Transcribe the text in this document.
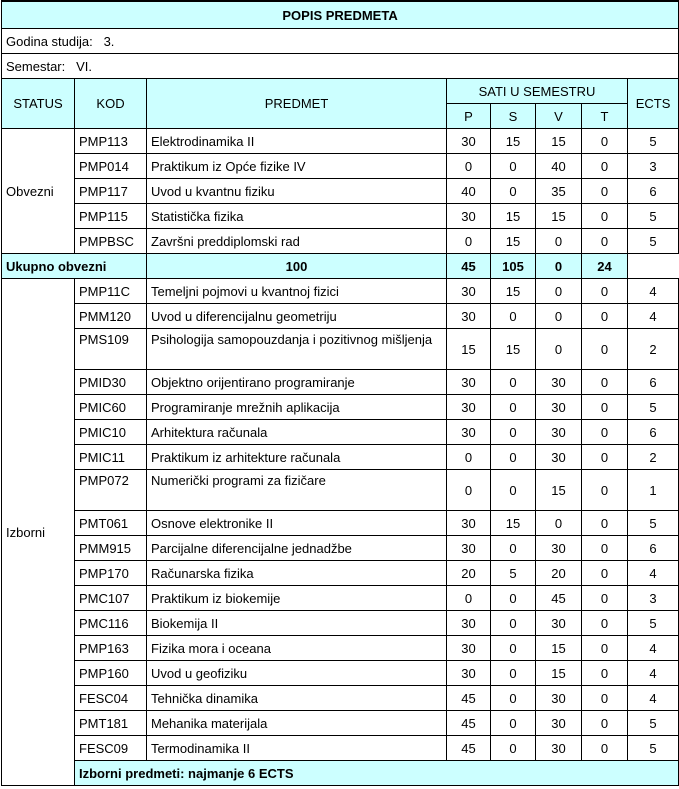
POPIS PREDMETA							
Godina studija: 3.							
Semestar: VI.							
STATUS	KOD	PREDMET	SATI U SEMESTRU				ECTS
			P	S	V	T	
Obvezni	PMP113	Elektrodinamika II	30	15	15	0	5
	PMP014	Praktikum iz Opće fizike IV	0	0	40	0	3
	PMP117	Uvod u kvantnu fiziku	40	0	35	0	6
	PMP115	Statistička fizika	30	15	15	0	5
	PMPBSC	Završni preddiplomski rad	0	15	0	0	5
Ukupno obvezni		100	45	105	0	24	
Izborni	PMP11C	Temeljni pojmovi u kvantnoj fizici	30	15	0	0	4
	PMM120	Uvod u diferencijalnu geometriju	30	0	0	0	4
	PMS109	Psihologija samopouzdanja i pozitivnog mišljenja	15	15	0	0	2
	PMID30	Objektno orijentirano programiranje	30	0	30	0	6
	PMIC60	Programiranje mrežnih aplikacija	30	0	30	0	5
	PMIC10	Arhitektura računala	30	0	30	0	6
	PMIC11	Praktikum iz arhitekture računala	0	0	30	0	2
	PMP072	Numerički programi za fizičare	0	0	15	0	1
	PMT061	Osnove elektronike II	30	15	0	0	5
	PMM915	Parcijalne diferencijalne jednadžbe	30	0	30	0	6
	PMP170	Računarska fizika	20	5	20	0	4
	PMC107	Praktikum iz biokemije	0	0	45	0	3
	PMC116	Biokemija II	30	0	30	0	5
	PMP163	Fizika mora i oceana	30	0	15	0	4
	PMP160	Uvod u geofiziku	30	0	15	0	4
	FESC04	Tehnička dinamika	45	0	30	0	4
	PMT181	Mehanika materijala	45	0	30	0	5
	FESC09	Termodinamika II	45	0	30	0	5
	Izborni predmeti: najmanje 6 ECTS						
